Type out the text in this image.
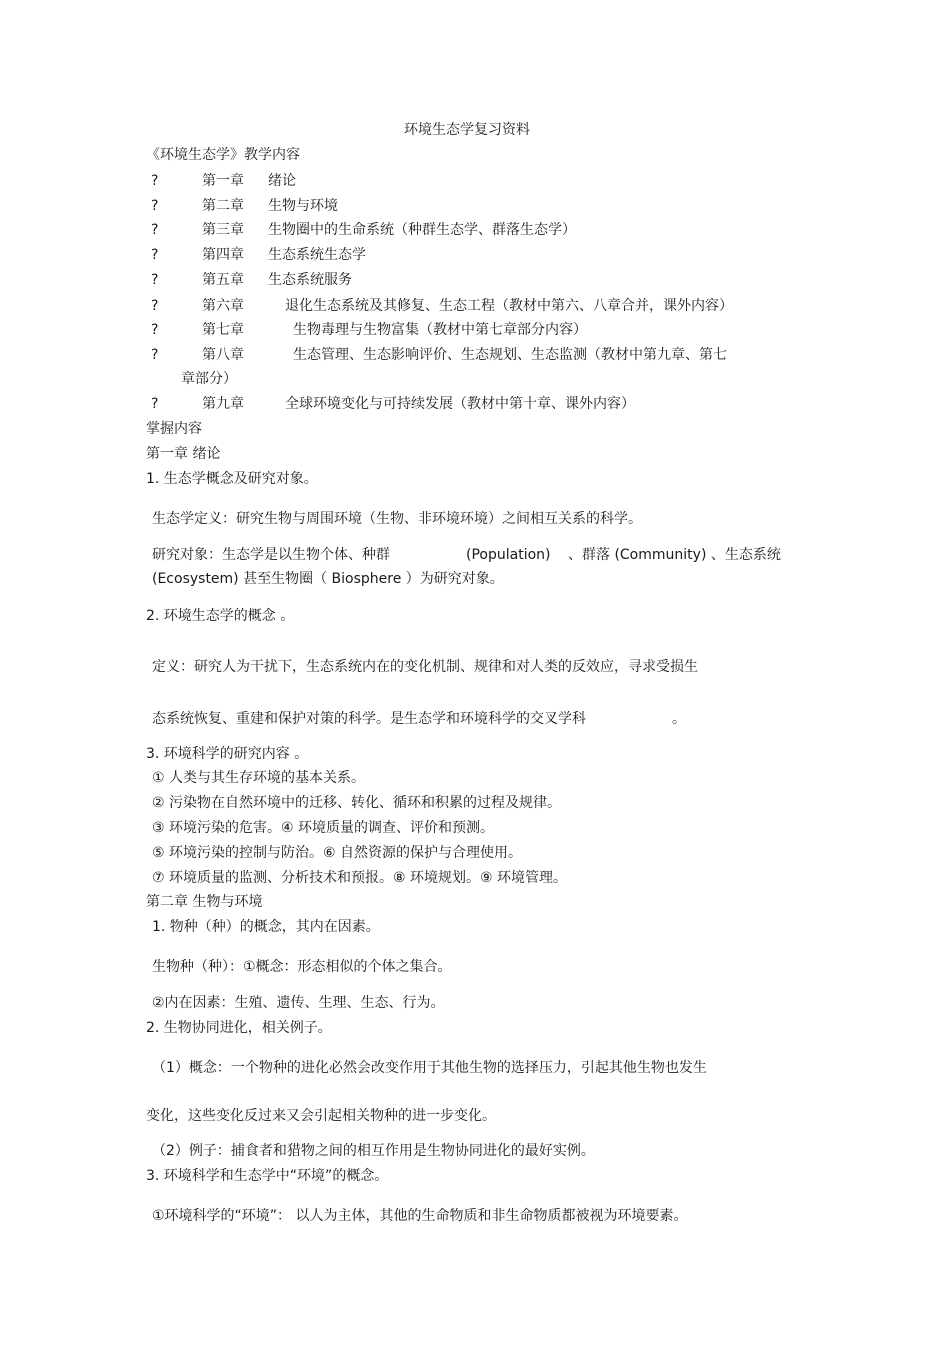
环境生态学复习资料
《环境生态学》教学内容
?	第一章 绪论
?	第二章 生物与环境
?	第三章 生物圈中的生命系统（种群生态学、群落生态学）
?	第四章 生态系统生态学
?	第五章 生态系统服务
?	第六章	退化生态系统及其修复、生态工程（教材中第六、八章合并，课外内容）
?	第七章	生物毒理与生物富集（教材中第七章部分内容）
?	第八章	生态管理、生态影响评价、生态规划、生态监测（教材中第九章、第七
章部分）
?	第九章	全球环境变化与可持续发展（教材中第十章、课外内容）
掌握内容
第一章 绪论
1. 生态学概念及研究对象。
生态学定义：研究生物与周围环境（生物、非环境环境）之间相互关系的科学。
研究对象：生态学是以生物个体、种群	(Population) 、群落 (Community) 、生态系统
(Ecosystem) 甚至生物圈（ Biosphere ）为研究对象。
2. 环境生态学的概念 。
定义：研究人为干扰下，生态系统内在的变化机制、规律和对人类的反效应，寻求受损生
态系统恢复、重建和保护对策的科学。是生态学和环境科学的交叉学科	。
3. 环境科学的研究内容 。
① 人类与其生存环境的基本关系。
② 污染物在自然环境中的迁移、转化、循环和积累的过程及规律。
③ 环境污染的危害。④ 环境质量的调查、评价和预测。
⑤ 环境污染的控制与防治。⑥ 自然资源的保护与合理使用。
⑦ 环境质量的监测、分析技术和预报。⑧ 环境规划。⑨ 环境管理。
第二章 生物与环境
1. 物种（种）的概念，其内在因素。
生物种（种）：①概念：形态相似的个体之集合。
②内在因素：生殖、遗传、生理、生态、行为。
2. 生物协同进化，相关例子。
（1）概念：一个物种的进化必然会改变作用于其他生物的选择压力，引起其他生物也发生
变化，这些变化反过来又会引起相关物种的进一步变化。
（2）例子：捕食者和猎物之间的相互作用是生物协同进化的最好实例。
3. 环境科学和生态学中“环境”的概念。
①环境科学的“环境”： 以人为主体，其他的生命物质和非生命物质都被视为环境要素。
